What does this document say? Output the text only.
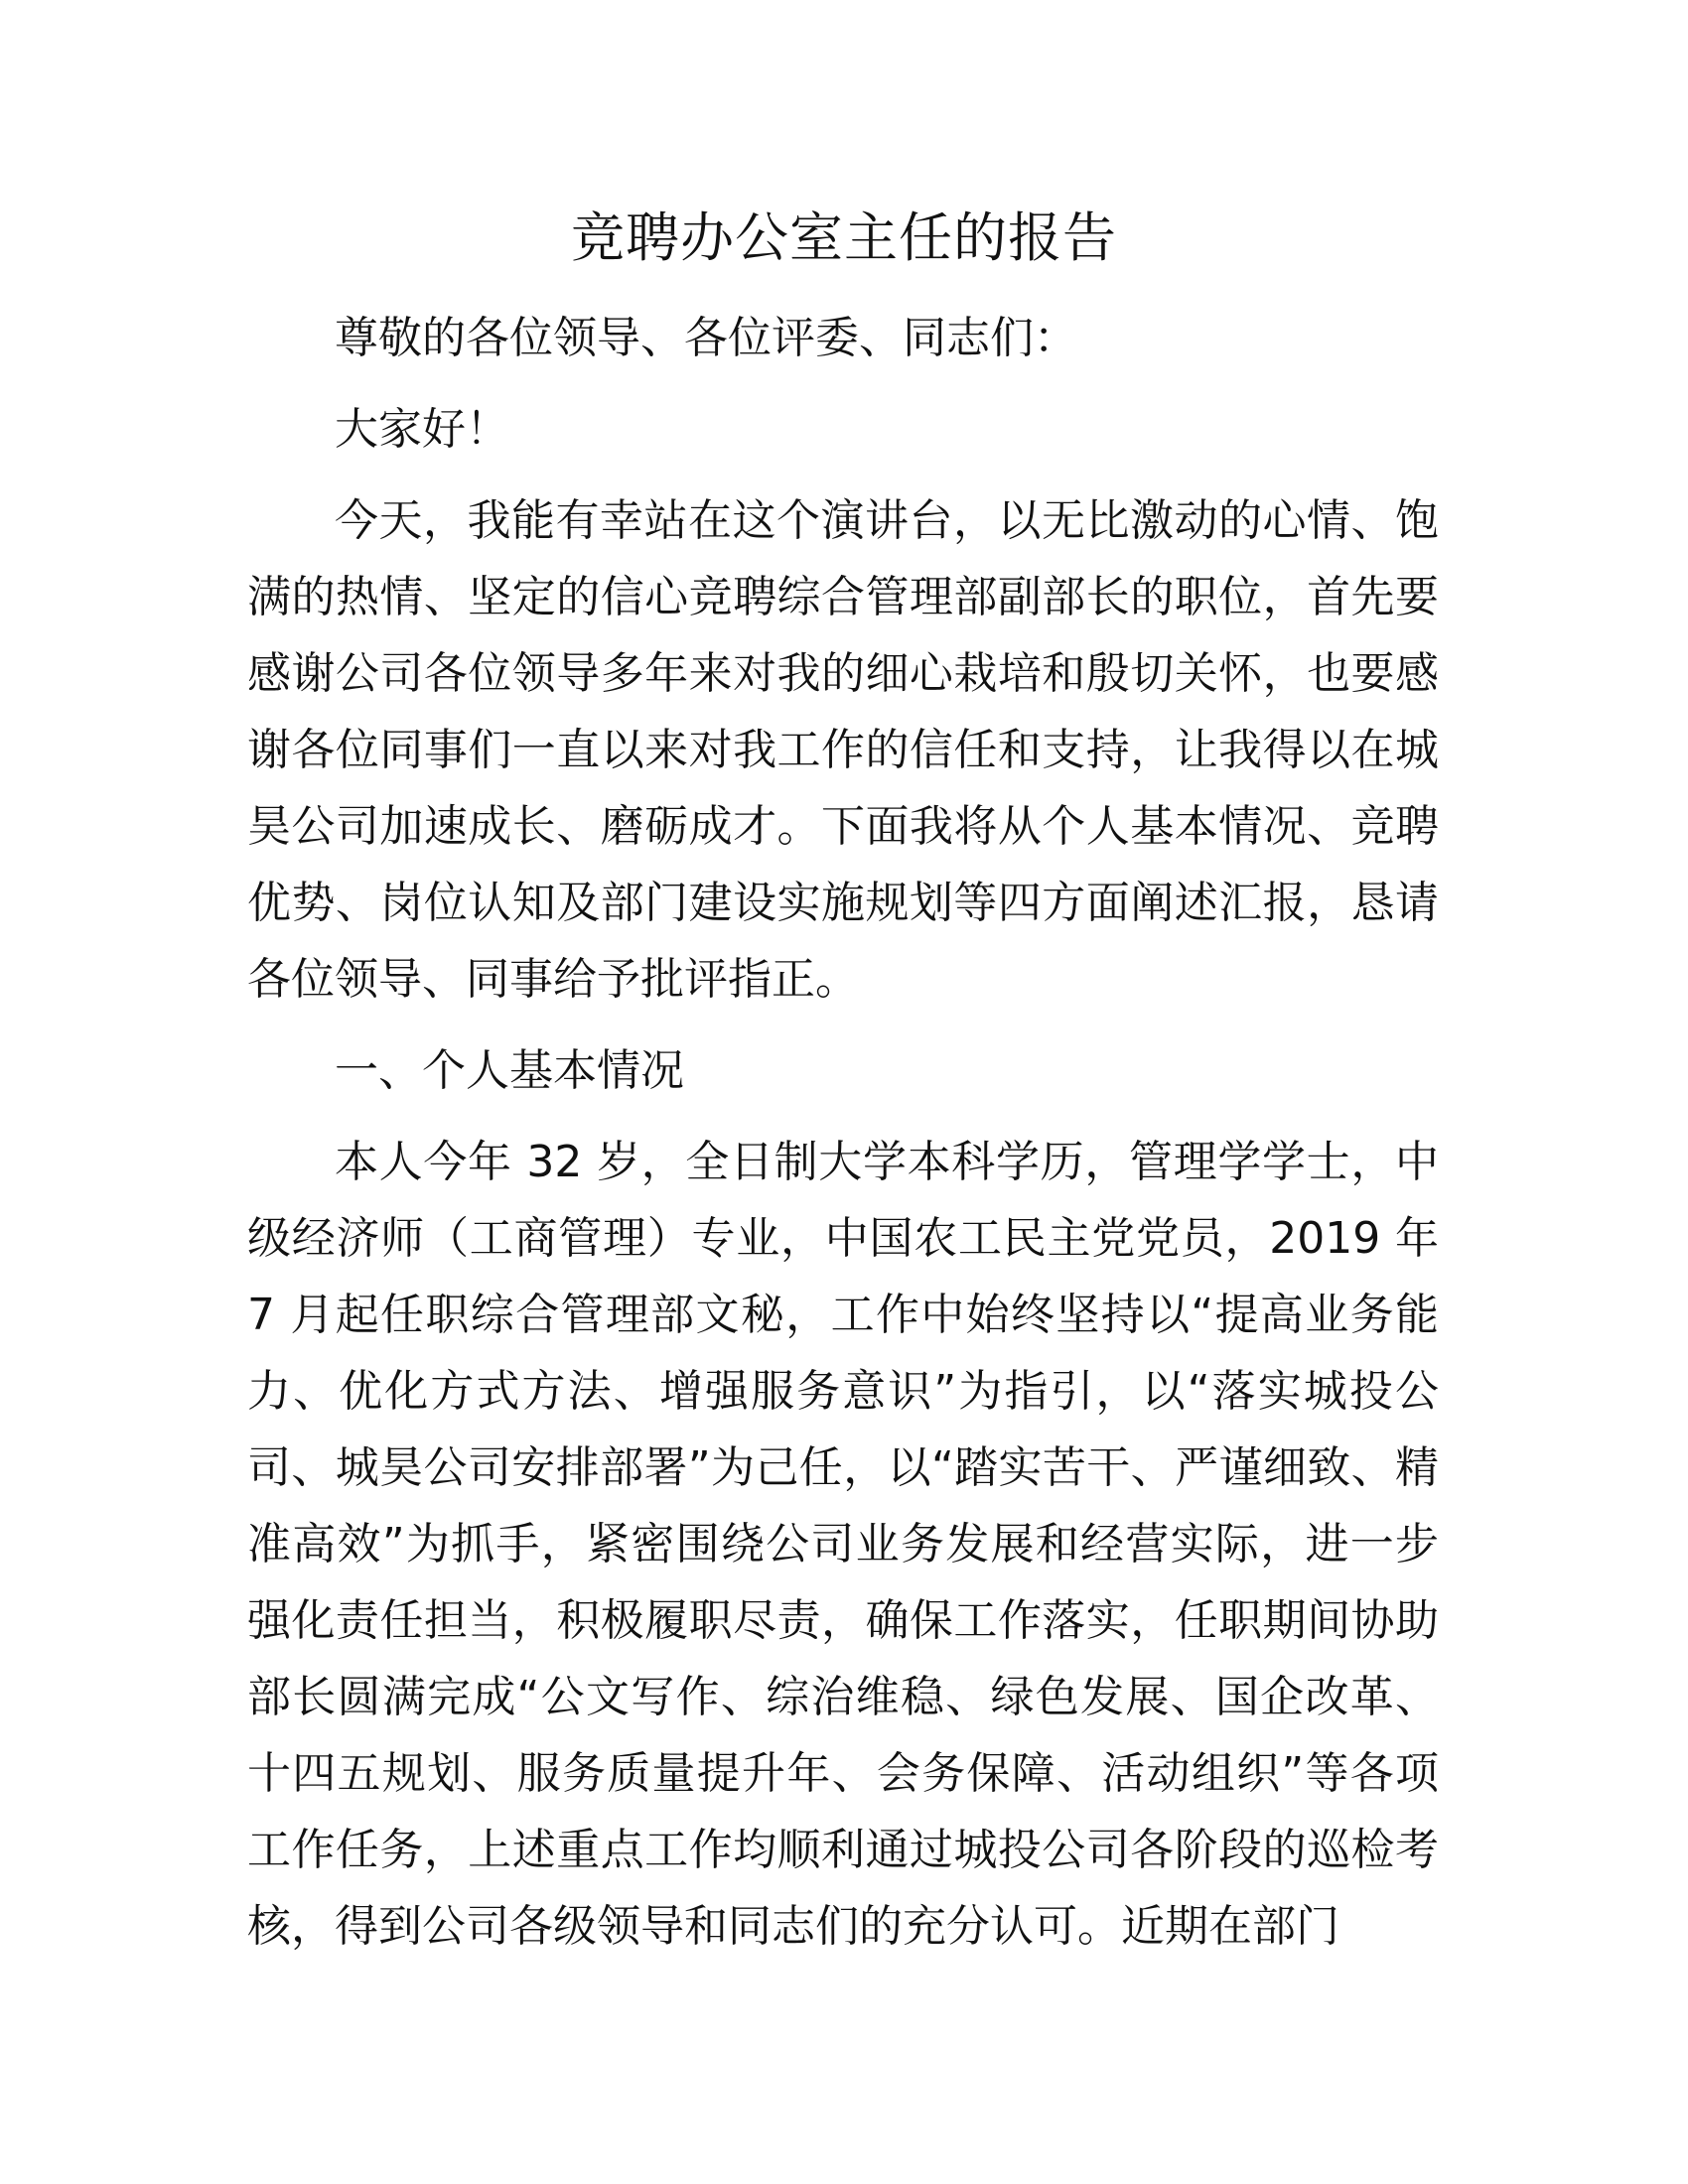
竞聘办公室主任的报告

尊敬的各位领导、各位评委、同志们：

大家好！

今天，我能有幸站在这个演讲台，以无比激动的心情、饱满的热情、坚定的信心竞聘综合管理部副部长的职位，首先要感谢公司各位领导多年来对我的细心栽培和殷切关怀，也要感谢各位同事们一直以来对我工作的信任和支持，让我得以在城昊公司加速成长、磨砺成才。下面我将从个人基本情况、竞聘优势、岗位认知及部门建设实施规划等四方面阐述汇报，恳请各位领导、同事给予批评指正。

一、个人基本情况

本人今年 32 岁，全日制大学本科学历，管理学学士，中级经济师（工商管理）专业，中国农工民主党党员，2019 年 7 月起任职综合管理部文秘，工作中始终坚持以“提高业务能力、优化方式方法、增强服务意识”为指引，以“落实城投公司、城昊公司安排部署”为己任，以“踏实苦干、严谨细致、精准高效”为抓手，紧密围绕公司业务发展和经营实际，进一步强化责任担当，积极履职尽责，确保工作落实，任职期间协助部长圆满完成“公文写作、综治维稳、绿色发展、国企改革、十四五规划、服务质量提升年、会务保障、活动组织”等各项工作任务，上述重点工作均顺利通过城投公司各阶段的巡检考核，得到公司各级领导和同志们的充分认可。近期在部门
